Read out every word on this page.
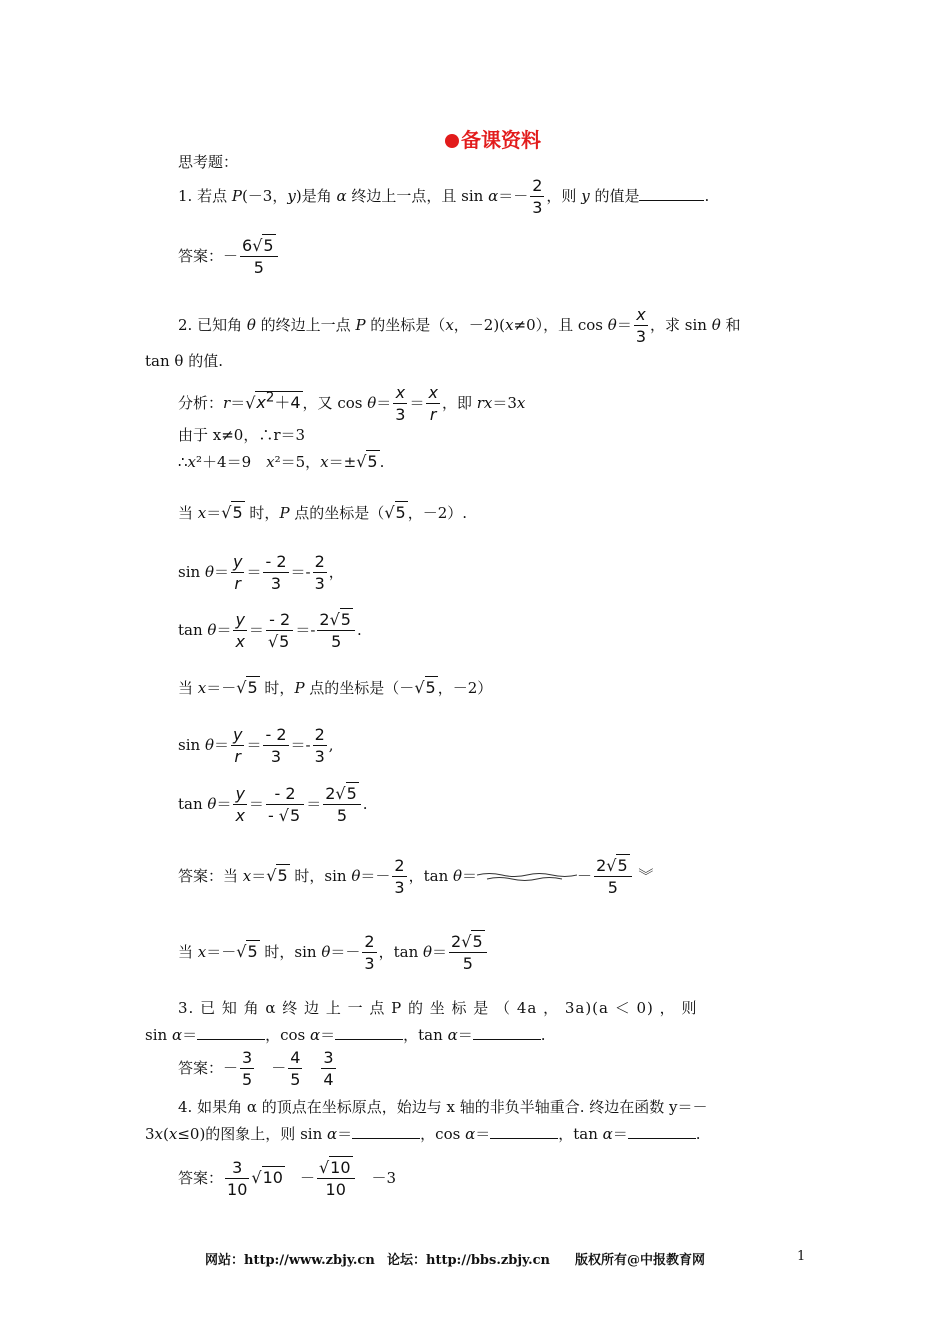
备课资料
思考题：
1. 若点 P(－3，y)是角 α 终边上一点，且 $\sin \alpha=- \frac{2}{3}$ ，则 y 的值是	.
答案：－ $\frac{6√5}{5}$
2. 已知角 θ 的终边上一点 P 的坐标是（x，－2)(x≠0），且 $\cos \theta= \frac{x}{3}$ ，求 sin θ 和
tan θ 的值.
分析：$r=√x^2+4$ ，又 $\cos \theta= \frac{x}{3} = \frac{x}{r}$ ，即 rx＝3x
由于 x≠0，∴r＝3
∴x²＋4＝9　x²＝5，x＝±√5 .
当 x＝√5 时，P 点的坐标是（√5 ，－2）.
$\sin \theta= \frac{y}{r} = \frac{- 2}{3} =- \frac{2}{3}$ ，
$\tan \theta= \frac{y}{x} = \frac{- 2}{√5} =- \frac{2√5}{5}$ .
当 x＝－√5 时，P 点的坐标是（－√5 ，－2）
$\sin \theta= \frac{y}{r} = \frac{- 2}{3} =- \frac{2}{3}$ ,
$\tan \theta= \frac{y}{x} = \frac{- 2}{- √5} = \frac{2√5}{5}$ .
答案：当 x＝√5 时，$\sin \theta=- \frac{2}{3}$ ，tan θ＝	－ $\frac{2√5}{5}$ ︾
当 x＝－√5 时，$\sin \theta=- \frac{2}{3}$ ，$\tan \theta= \frac{2√5}{5}$
3. 已 知 角 α 终 边 上 一 点 P 的 坐 标 是 （ 4a ， 3a)(a ＜ 0) ， 则
sin α＝	，cos α＝	，tan α＝	.
答案：－ $\frac{3}{5}$ 　－ $\frac{4}{5}$
　 $\frac{3}{4}$
4. 如果角 α 的顶点在坐标原点，始边与 x 轴的非负半轴重合. 终边在函数 y＝－
3x(x≤0)的图象上，则 sin α＝	，cos α＝	，tan α＝	.
答案： $\frac{3}{10} √10$　－ $\frac{√10}{10}$ 　－3
网站：http://www.zbjy.cn 论坛：http://bbs.zbjy.cn 版权所有@中报教育网	1
